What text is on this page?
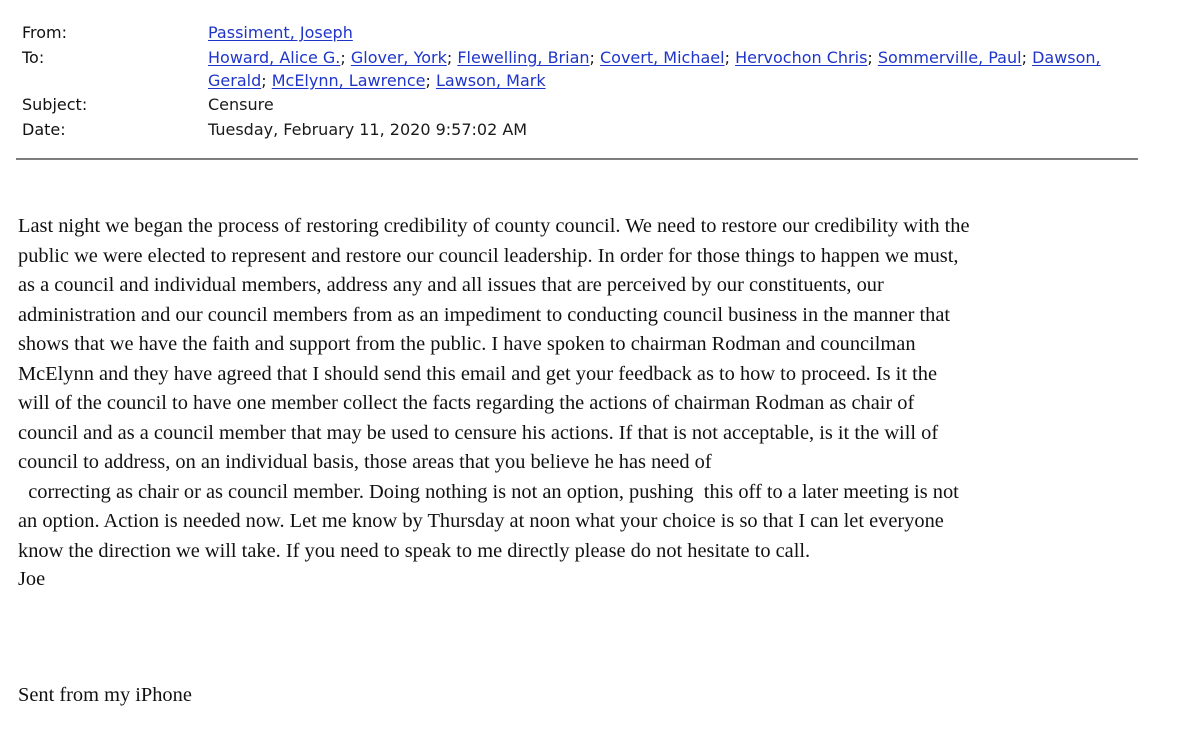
From:	Passiment, Joseph
To:	Howard, Alice G.; Glover, York; Flewelling, Brian; Covert, Michael; Hervochon Chris; Sommerville, Paul; Dawson, Gerald; McElynn, Lawrence; Lawson, Mark
Subject:	Censure
Date:	Tuesday, February 11, 2020 9:57:02 AM

Last night we began the process of restoring credibility of county council. We need to restore our credibility with the

public we were elected to represent and restore our council leadership. In order for those things to happen we must,

as a council and individual members, address any and all issues that are perceived by our constituents, our

administration and our council members from as an impediment to conducting council business in the manner that

shows that we have the faith and support from the public. I have spoken to chairman Rodman and councilman

McElynn and they have agreed that I should send this email and get your feedback as to how to proceed. Is it the

will of the council to have one member collect the facts regarding the actions of chairman Rodman as chair of

council and as a council member that may be used to censure his actions. If that is not acceptable, is it the will of

council to address, on an individual basis, those areas that you believe he has need of

correcting as chair or as council member. Doing nothing is not an option, pushing  this off to a later meeting is not

an option. Action is needed now. Let me know by Thursday at noon what your choice is so that I can let everyone

know the direction we will take. If you need to speak to me directly please do not hesitate to call.

Joe
Sent from my iPhone
